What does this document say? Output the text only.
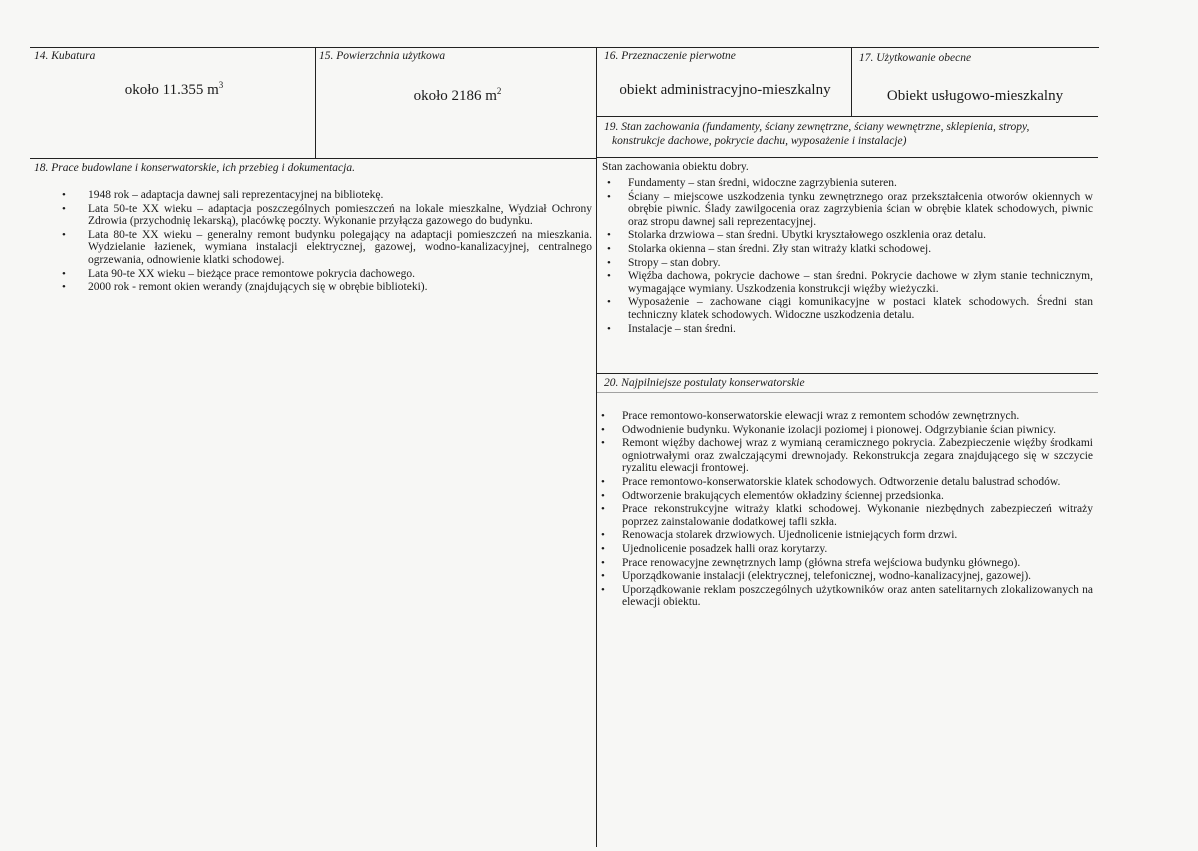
14. Kubatura
około 11.355 $m^3$
15. Powierzchnia użytkowa
około 2186 $m^2$
16. Przeznaczenie pierwotne
obiekt administracyjno-mieszkalny
17. Użytkowanie obecne
Obiekt usługowo-mieszkalny
19. Stan zachowania (fundamenty, ściany zewnętrzne, ściany wewnętrzne, sklepienia, stropy,
konstrukcje dachowe, pokrycie dachu, wyposażenie i instalacje)
Stan zachowania obiektu dobry.
• Fundamenty – stan średni, widoczne zagrzybienia suteren.
• Ściany – miejscowe uszkodzenia tynku zewnętrznego oraz przekształcenia otworów okiennych w obrębie piwnic. Ślady zawilgocenia oraz zagrzybienia ścian w obrębie klatek schodowych, piwnic oraz stropu dawnej sali reprezentacyjnej.
• Stolarka drzwiowa – stan średni. Ubytki kryształowego oszklenia oraz detalu.
• Stolarka okienna – stan średni. Zły stan witraży klatki schodowej.
• Stropy – stan dobry.
• Więźba dachowa, pokrycie dachowe – stan średni. Pokrycie dachowe w złym stanie technicznym, wymagające wymiany. Uszkodzenia konstrukcji więźby wieżyczki.
• Wyposażenie – zachowane ciągi komunikacyjne w postaci klatek schodowych. Średni stan techniczny klatek schodowych. Widoczne uszkodzenia detalu.
• Instalacje – stan średni.
18. Prace budowlane i konserwatorskie, ich przebieg i dokumentacja.
• 1948 rok – adaptacja dawnej sali reprezentacyjnej na bibliotekę.
• Lata 50-te XX wieku – adaptacja poszczególnych pomieszczeń na lokale mieszkalne, Wydział Ochrony Zdrowia (przychodnię lekarską), placówkę poczty. Wykonanie przyłącza gazowego do budynku.
• Lata 80-te XX wieku – generalny remont budynku polegający na adaptacji pomieszczeń na mieszkania. Wydzielanie łazienek, wymiana instalacji elektrycznej, gazowej, wodno-kanalizacyjnej, centralnego ogrzewania, odnowienie klatki schodowej.
• Lata 90-te XX wieku – bieżące prace remontowe pokrycia dachowego.
• 2000 rok - remont okien werandy (znajdujących się w obrębie biblioteki).
20. Najpilniejsze postulaty konserwatorskie
• Prace remontowo-konserwatorskie elewacji wraz z remontem schodów zewnętrznych.
• Odwodnienie budynku. Wykonanie izolacji poziomej i pionowej. Odgrzybianie ścian piwnicy.
• Remont więźby dachowej wraz z wymianą ceramicznego pokrycia. Zabezpieczenie więźby środkami ogniotrwałymi oraz zwalczającymi drewnojady. Rekonstrukcja zegara znajdującego się w szczycie ryzalitu elewacji frontowej.
• Prace remontowo-konserwatorskie klatek schodowych. Odtworzenie detalu balustrad schodów.
• Odtworzenie brakujących elementów okładziny ściennej przedsionka.
• Prace rekonstrukcyjne witraży klatki schodowej. Wykonanie niezbędnych zabezpieczeń witraży poprzez zainstalowanie dodatkowej tafli szkła.
• Renowacja stolarek drzwiowych. Ujednolicenie istniejących form drzwi.
• Ujednolicenie posadzek halli oraz korytarzy.
• Prace renowacyjne zewnętrznych lamp (główna strefa wejściowa budynku głównego).
• Uporządkowanie instalacji (elektrycznej, telefonicznej, wodno-kanalizacyjnej, gazowej).
• Uporządkowanie reklam poszczególnych użytkowników oraz anten satelitarnych zlokalizowanych na elewacji obiektu.
